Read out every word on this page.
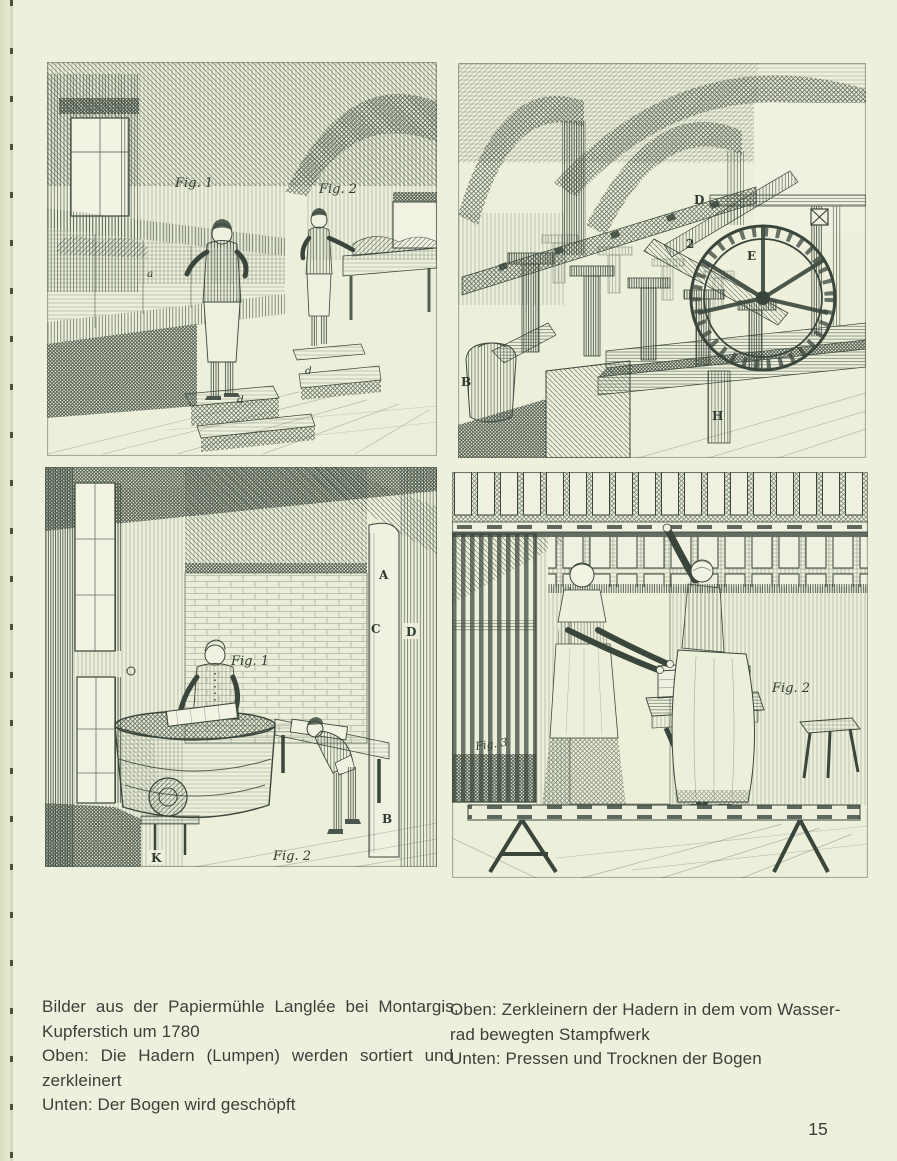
Fig. 1	Fig. 2
a
d
d
D
2
E
B
H
Fig. 1
Fig. 2
K
A
C D
B
Fig. 3
Fig. 2
Bilder aus der Papiermühle Langlée bei Montargis,
Kupferstich um 1780
Oben: Die Hadern (Lumpen) werden sortiert und
zerkleinert
Unten: Der Bogen wird geschöpft
Oben: Zerkleinern der Hadern in dem vom Wasser-
rad bewegten Stampfwerk
Unten: Pressen und Trocknen der Bogen
15
